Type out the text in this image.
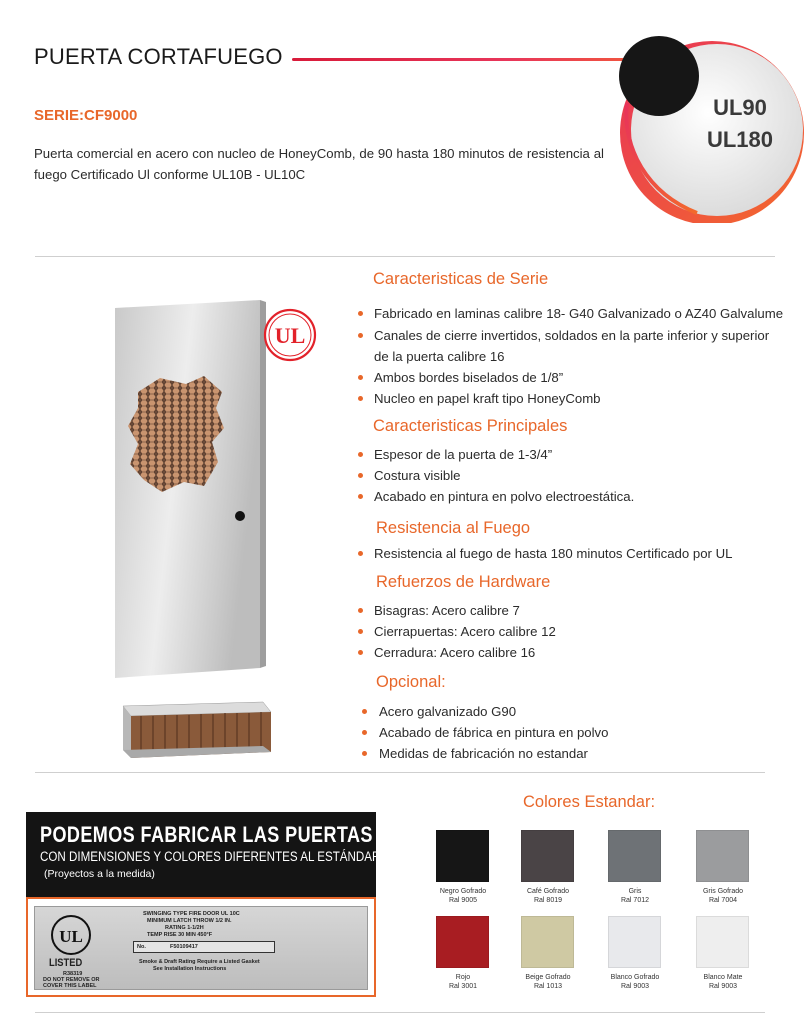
PUERTA CORTAFUEGO
SERIE:CF9000
Puerta comercial en acero con nucleo de HoneyComb, de 90 hasta 180 minutos de resistencia al fuego Certificado Ul conforme UL10B - UL10C
UL90
UL180
UL
Caracteristicas de Serie
Fabricado en laminas calibre 18- G40 Galvanizado o AZ40 Galvalume
Canales de cierre invertidos, soldados en la parte inferior y superior
de la puerta calibre 16
Ambos bordes biselados de 1/8”
Nucleo en papel kraft tipo HoneyComb
Caracteristicas Principales
Espesor de la puerta de 1-3/4”
Costura visible
Acabado en pintura en polvo electroestática.
Resistencia al Fuego
Resistencia al fuego de hasta 180 minutos Certificado por UL
Refuerzos de Hardware
Bisagras: Acero calibre 7
Cierrapuertas: Acero calibre 12
Cerradura: Acero calibre 16
Opcional:
Acero galvanizado G90
Acabado de fábrica en pintura en polvo
Medidas de fabricación no estandar
PODEMOS FABRICAR LAS PUERTAS
CON DIMENSIONES Y COLORES DIFERENTES AL ESTÁNDAR
(Proyectos a la medida)
UL
LISTED
R38319
DO NOT REMOVE OR
COVER THIS LABEL
SWINGING TYPE FIRE DOOR UL 10C
MINIMUM LATCH THROW 1/2 IN.
RATING 1-1/2H
TEMP RISE 30 MIN 450°F
No.	F50109417
Smoke & Draft Rating Require a Listed Gasket
See Installation Instructions
Colores Estandar:
Negro Gofrado
Ral 9005
Café Gofrado
Ral 8019
Gris
Ral 7012
Gris Gofrado
Ral 7004
Rojo
Ral 3001
Beige Gofrado
Ral 1013
Blanco Gofrado
Ral 9003
Blanco Mate
Ral 9003
